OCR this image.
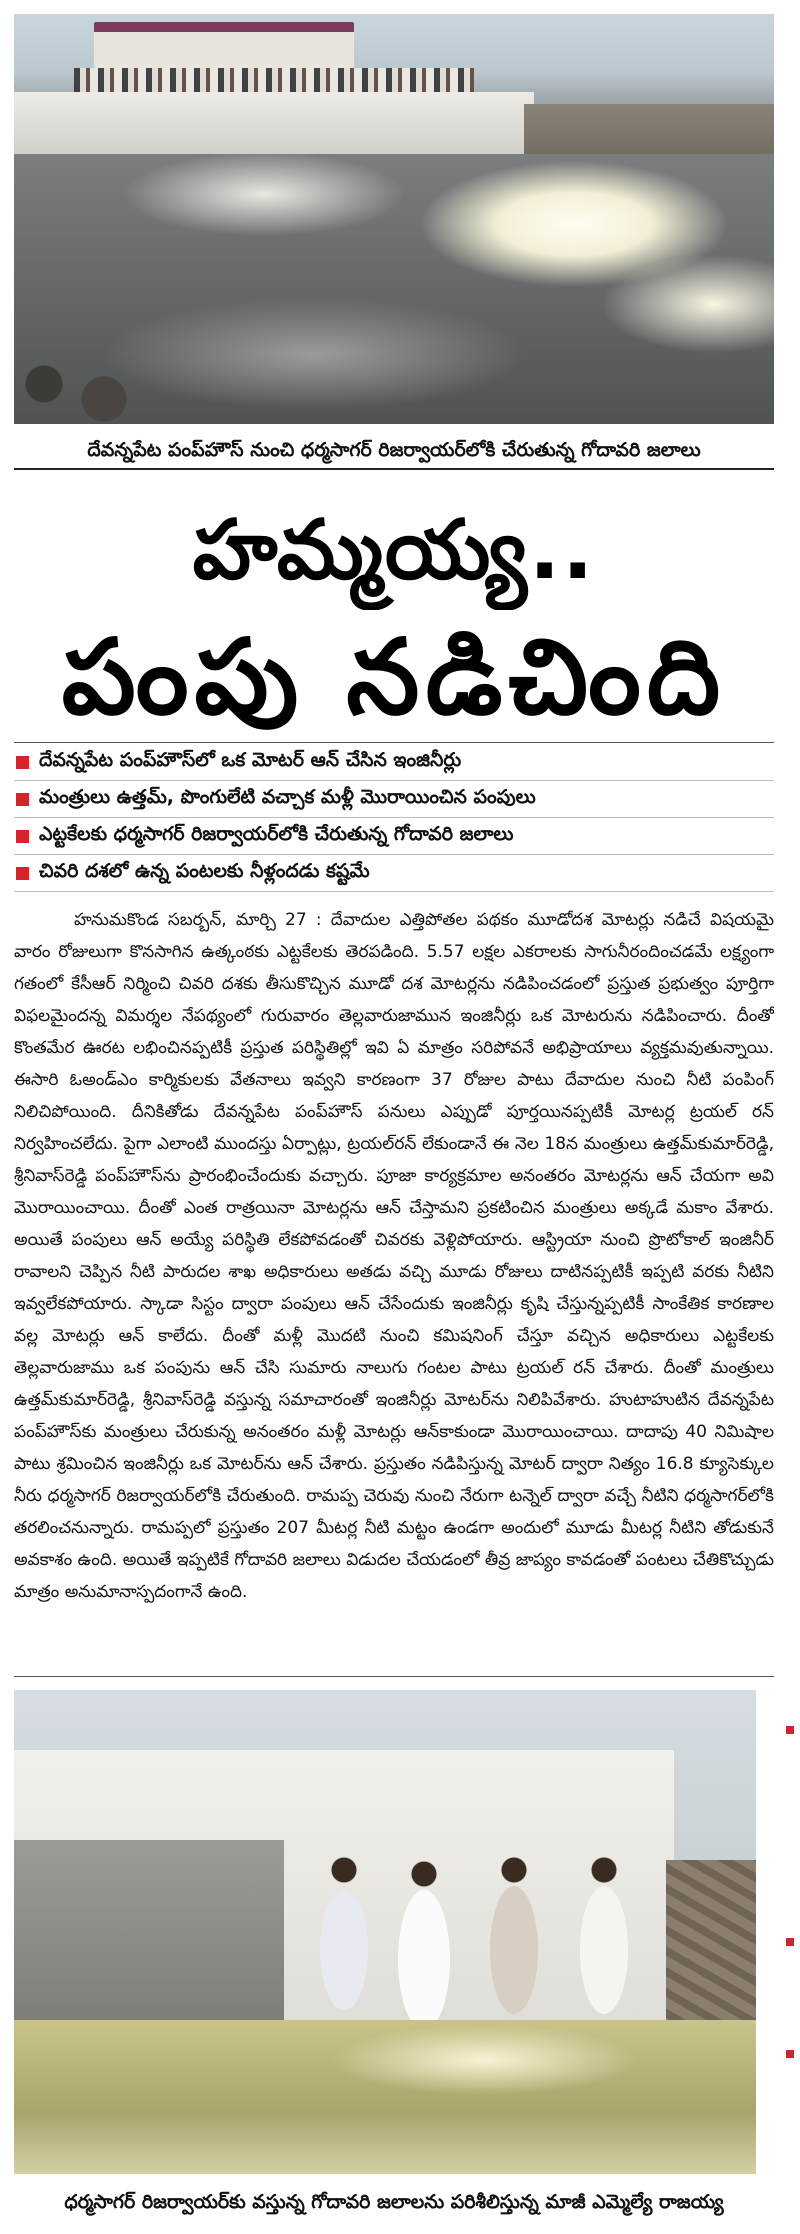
దేవన్నపేట పంప్‌హౌస్‌ నుంచి ధర్మసాగర్‌ రిజర్వాయర్‌లోకి చేరుతున్న గోదావరి జలాలు
హమ్మయ్య..
పంపు నడిచింది
దేవన్నపేట పంప్‌హౌస్‌లో ఒక మోటర్‌ ఆన్‌ చేసిన ఇంజినీర్లు
మంత్రులు ఉత్తమ్‌, పొంగులేటి వచ్చాక మళ్లీ మొరాయించిన పంపులు
ఎట్టకేలకు ధర్మసాగర్‌ రిజర్వాయర్‌లోకి చేరుతున్న గోదావరి జలాలు
చివరి దశలో ఉన్న పంటలకు నీళ్లందడు కష్టమే

హనుమకొండ సబర్బన్‌, మార్చి 27 : దేవాదుల ఎత్తిపోతల పథకం మూడోదశ మోటర్లు నడిచే విషయమై వారం రోజులుగా కొనసాగిన ఉత్కంఠకు ఎట్టకేలకు తెరపడింది. 5.57 లక్షల ఎకరాలకు సాగునీరందించడమే లక్ష్యంగా గతంలో కేసీఆర్‌ నిర్మించి చివరి దశకు తీసుకొచ్చిన మూడో దశ మోటర్లను నడిపించడంలో ప్రస్తుత ప్రభుత్వం పూర్తిగా విఫలమైందన్న విమర్శల నేపథ్యంలో గురువారం తెల్లవారుజామున ఇంజినీర్లు ఒక మోటరును నడిపించారు. దీంతో కొంతమేర ఊరట లభించినప్పటికీ ప్రస్తుత పరిస్థితిల్లో ఇవి ఏ మాత్రం సరిపోవనే అభిప్రాయాలు వ్యక్తమవుతున్నాయి. ఈసారి ఓఅండ్‌ఎం కార్మికులకు వేతనాలు ఇవ్వని కారణంగా 37 రోజుల పాటు దేవాదుల నుంచి నీటి పంపింగ్‌ నిలిచిపోయింది. దీనికితోడు దేవన్నపేట పంప్‌హౌస్‌ పనులు ఎప్పుడో పూర్తయినప్పటికీ మోటర్ల ట్రయల్‌ రన్‌ నిర్వహించలేదు. పైగా ఎలాంటి ముందస్తు ఏర్పాట్లు, ట్రయల్‌రన్‌ లేకుండానే ఈ నెల 18న మంత్రులు ఉత్తమ్‌కుమార్‌రెడ్డి, శ్రీనివాస్‌రెడ్డి పంప్‌హౌస్‌ను ప్రారంభించేందుకు వచ్చారు. పూజా కార్యక్రమాల అనంతరం మోటర్లను ఆన్‌ చేయగా అవి మొరాయించాయి. దీంతో ఎంత రాత్రయినా మోటర్లను ఆన్‌ చేస్తామని ప్రకటించిన మంత్రులు అక్కడే మకాం వేశారు. అయితే పంపులు ఆన్‌ అయ్యే పరిస్థితి లేకపోవడంతో చివరకు వెళ్లిపోయారు. ఆస్ట్రియా నుంచి ప్రొటోకాల్‌ ఇంజినీర్‌ రావాలని చెప్పిన నీటి పారుదల శాఖ అధికారులు అతడు వచ్చి మూడు రోజులు దాటినప్పటికీ ఇప్పటి వరకు నీటిని ఇవ్వలేకపోయారు. స్కాడా సిస్టం ద్వారా పంపులు ఆన్‌ చేసేందుకు ఇంజినీర్లు కృషి చేస్తున్నప్పటికీ సాంకేతిక కారణాల వల్ల మోటర్లు ఆన్‌ కాలేదు. దీంతో మళ్లీ మొదటి నుంచి కమిషనింగ్‌ చేస్తూ వచ్చిన అధికారులు ఎట్టకేలకు తెల్లవారుజాము ఒక పంపును ఆన్‌ చేసి సుమారు నాలుగు గంటల పాటు ట్రయల్‌ రన్‌ చేశారు. దీంతో మంత్రులు ఉత్తమ్‌కుమార్‌రెడ్డి, శ్రీనివాస్‌రెడ్డి వస్తున్న సమాచారంతో ఇంజినీర్లు మోటర్‌ను నిలిపివేశారు. హుటాహుటిన దేవన్నపేట పంప్‌హౌస్‌కు మంత్రులు చేరుకున్న అనంతరం మళ్లీ మోటర్లు ఆన్‌కాకుండా మొరాయించాయి. దాదాపు 40 నిమిషాల పాటు శ్రమించిన ఇంజినీర్లు ఒక మోటర్‌ను ఆన్‌ చేశారు. ప్రస్తుతం నడిపిస్తున్న మోటర్‌ ద్వారా నిత్యం 16.8 క్యూసెక్కుల నీరు ధర్మసాగర్‌ రిజర్వాయర్‌లోకి చేరుతుంది. రామప్ప చెరువు నుంచి నేరుగా టన్నెల్‌ ద్వారా వచ్చే నీటిని ధర్మసాగర్‌లోకి తరలించనున్నారు. రామప్పలో ప్రస్తుతం 207 మీటర్ల నీటి మట్టం ఉండగా అందులో మూడు మీటర్ల నీటిని తోడుకునే అవకాశం ఉంది. అయితే ఇప్పటికే గోదావరి జలాలు విడుదల చేయడంలో తీవ్ర జాప్యం కావడంతో పంటలు చేతికొచ్చుడు మాత్రం అనుమానాస్పదంగానే ఉంది.

ధర్మసాగర్‌ రిజర్వాయర్‌కు వస్తున్న గోదావరి జలాలను పరిశీలిస్తున్న మాజీ ఎమ్మెల్యే రాజయ్య
